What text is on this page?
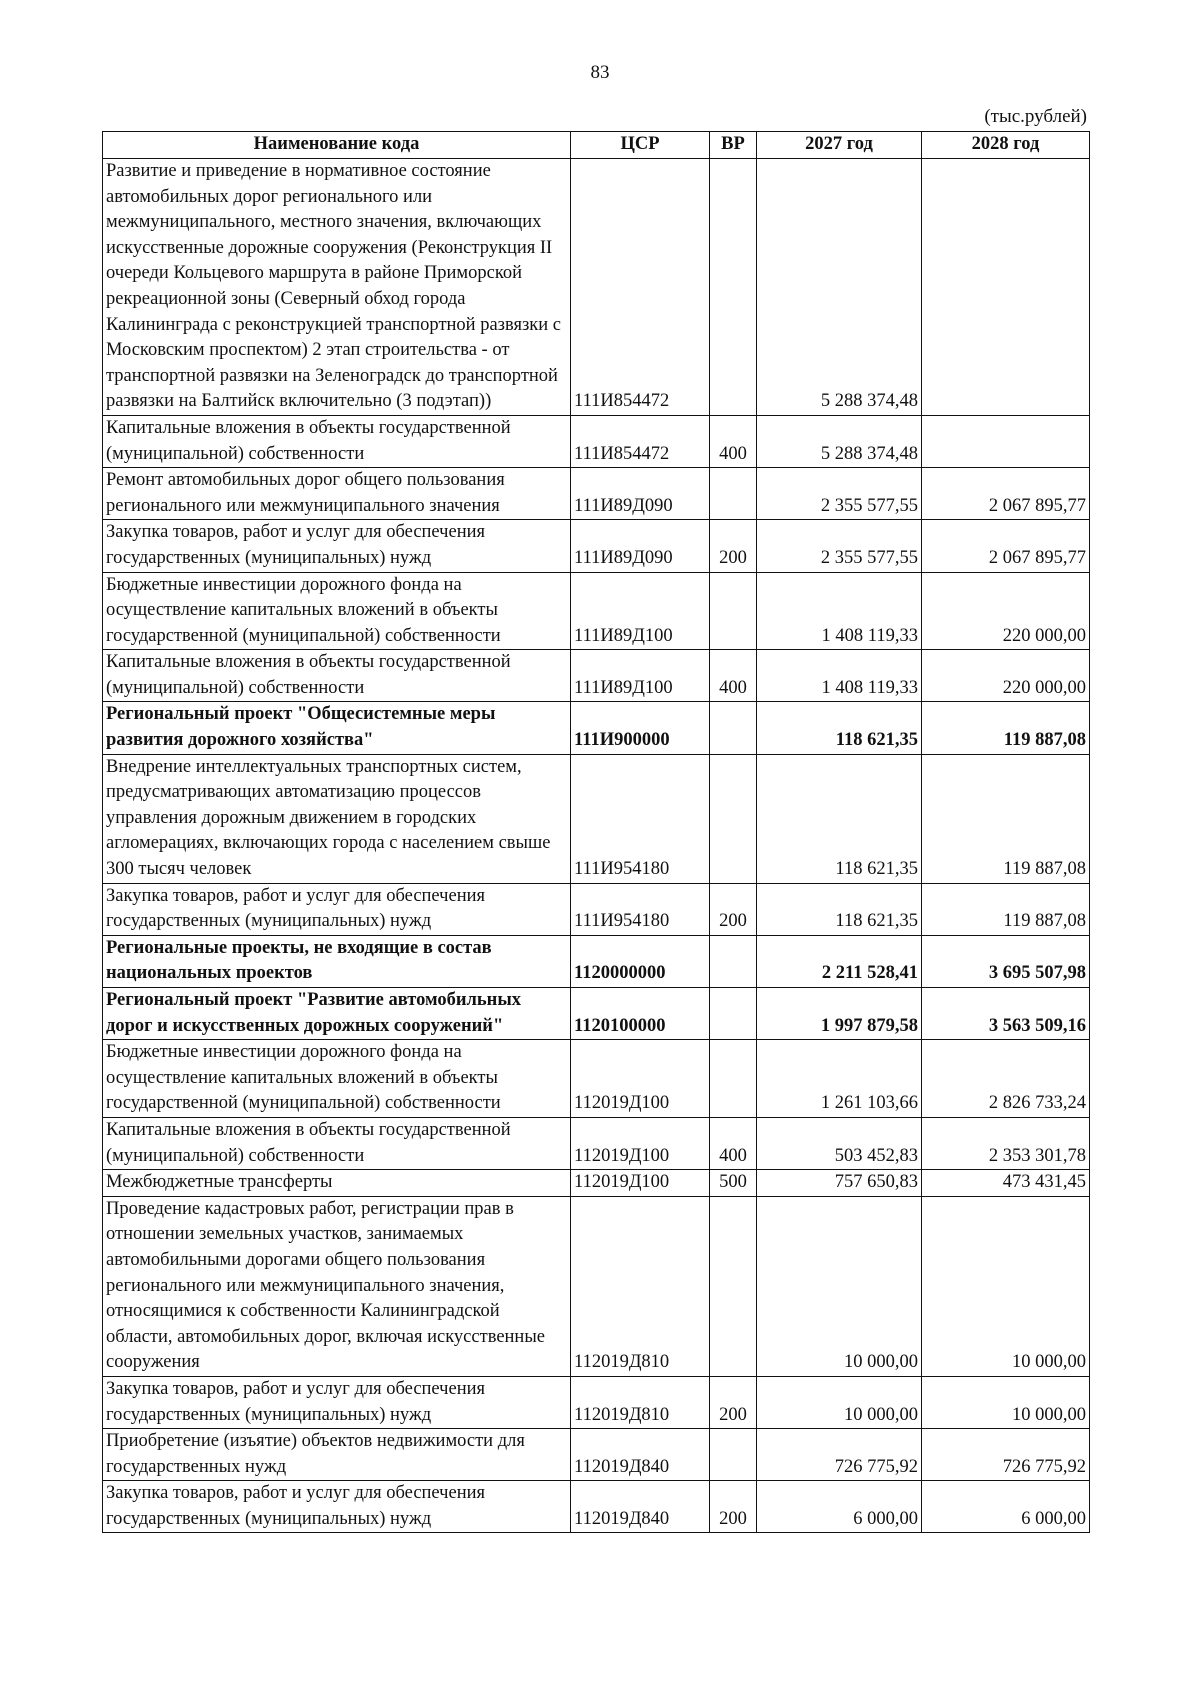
83
(тыс.рублей)
Наименование кода	ЦСР	ВР	2027 год	2028 год
Развитие и приведение в нормативное состояние автомобильных дорог регионального или межмуниципального, местного значения, включающих искусственные дорожные сооружения (Реконструкция II очереди Кольцевого маршрута в районе Приморской рекреационной зоны (Северный обход города Калининграда с реконструкцией транспортной развязки с Московским проспектом) 2 этап строительства - от транспортной развязки на Зеленоградск до транспортной развязки на Балтийск включительно (3 подэтап))	111И854472		5 288 374,48	
Капитальные вложения в объекты государственной (муниципальной) собственности	111И854472	400	5 288 374,48	
Ремонт автомобильных дорог общего пользования регионального или межмуниципального значения	111И89Д090		2 355 577,55	2 067 895,77
Закупка товаров, работ и услуг для обеспечения государственных (муниципальных) нужд	111И89Д090	200	2 355 577,55	2 067 895,77
Бюджетные инвестиции дорожного фонда на осуществление капитальных вложений в объекты государственной (муниципальной) собственности	111И89Д100		1 408 119,33	220 000,00
Капитальные вложения в объекты государственной (муниципальной) собственности	111И89Д100	400	1 408 119,33	220 000,00
Региональный проект "Общесистемные меры развития дорожного хозяйства"	111И900000		118 621,35	119 887,08
Внедрение интеллектуальных транспортных систем, предусматривающих автоматизацию процессов управления дорожным движением в городских агломерациях, включающих города с населением свыше 300 тысяч человек	111И954180		118 621,35	119 887,08
Закупка товаров, работ и услуг для обеспечения государственных (муниципальных) нужд	111И954180	200	118 621,35	119 887,08
Региональные проекты, не входящие в состав национальных проектов	1120000000		2 211 528,41	3 695 507,98
Региональный проект "Развитие автомобильных дорог и искусственных дорожных сооружений"	1120100000		1 997 879,58	3 563 509,16
Бюджетные инвестиции дорожного фонда на осуществление капитальных вложений в объекты государственной (муниципальной) собственности	112019Д100		1 261 103,66	2 826 733,24
Капитальные вложения в объекты государственной (муниципальной) собственности	112019Д100	400	503 452,83	2 353 301,78
Межбюджетные трансферты	112019Д100	500	757 650,83	473 431,45
Проведение кадастровых работ, регистрации прав в отношении земельных участков, занимаемых автомобильными дорогами общего пользования регионального или межмуниципального значения, относящимися к собственности Калининградской области, автомобильных дорог, включая искусственные сооружения	112019Д810		10 000,00	10 000,00
Закупка товаров, работ и услуг для обеспечения государственных (муниципальных) нужд	112019Д810	200	10 000,00	10 000,00
Приобретение (изъятие) объектов недвижимости для государственных нужд	112019Д840		726 775,92	726 775,92
Закупка товаров, работ и услуг для обеспечения государственных (муниципальных) нужд	112019Д840	200	6 000,00	6 000,00
